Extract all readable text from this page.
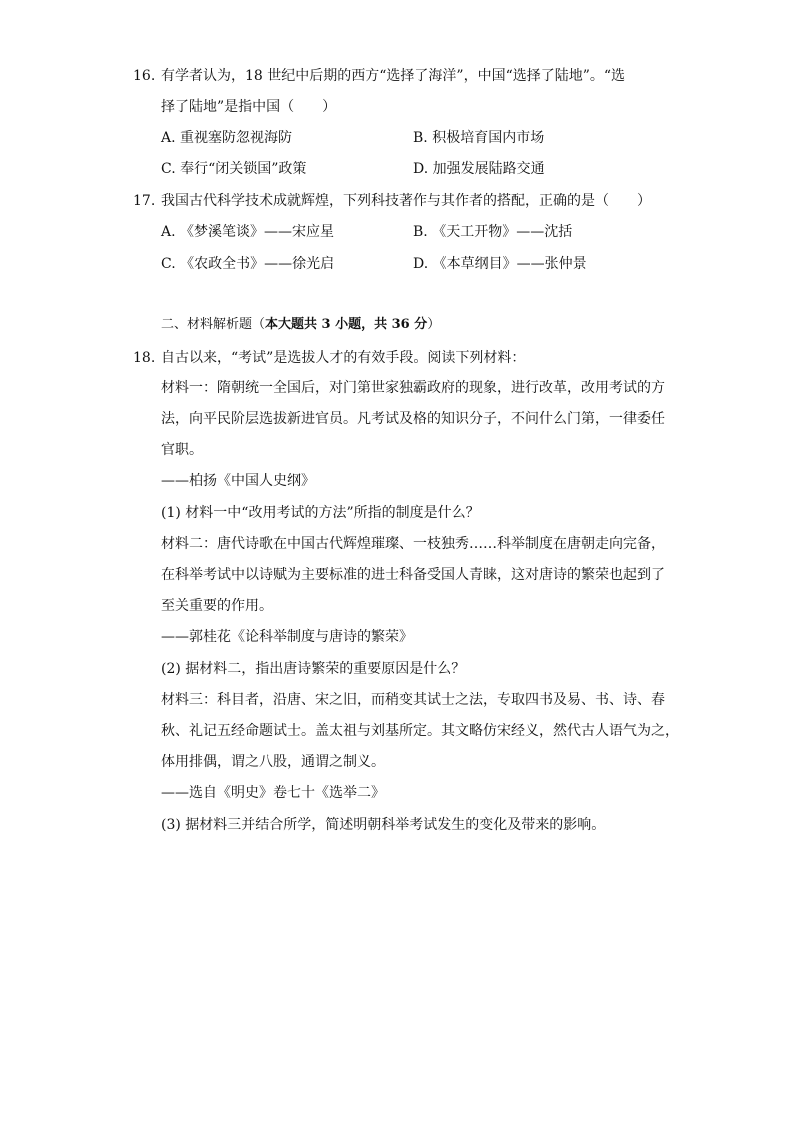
16. 有学者认为，18 世纪中后期的西方“选择了海洋”，中国“选择了陆地”。“选
择了陆地”是指中国（　　）
A. 重视塞防忽视海防	B. 积极培育国内市场
C. 奉行“闭关锁国”政策	D. 加强发展陆路交通
17. 我国古代科学技术成就辉煌，下列科技著作与其作者的搭配，正确的是（　　）
A. 《梦溪笔谈》——宋应星	B. 《天工开物》——沈括
C. 《农政全书》——徐光启	D. 《本草纲目》——张仲景
二、材料解析题（本大题共 3 小题，共 36 分）
18. 自古以来，“考试”是选拔人才的有效手段。阅读下列材料：
材料一：隋朝统一全国后，对门第世家独霸政府的现象，进行改革，改用考试的方
法，向平民阶层选拔新进官员。凡考试及格的知识分子，不问什么门第，一律委任
官职。
——柏扬《中国人史纲》
(1) 材料一中“改用考试的方法”所指的制度是什么？
材料二：唐代诗歌在中国古代辉煌璀璨、一枝独秀……科举制度在唐朝走向完备，
在科举考试中以诗赋为主要标准的进士科备受国人青睐，这对唐诗的繁荣也起到了
至关重要的作用。
——郭桂花《论科举制度与唐诗的繁荣》
(2) 据材料二，指出唐诗繁荣的重要原因是什么？
材料三：科目者，沿唐、宋之旧，而稍变其试士之法，专取四书及易、书、诗、春
秋、礼记五经命题试士。盖太祖与刘基所定。其文略仿宋经义，然代古人语气为之，
体用排偶，谓之八股，通谓之制义。
——选自《明史》卷七十《选举二》
(3) 据材料三并结合所学，简述明朝科举考试发生的变化及带来的影响。
